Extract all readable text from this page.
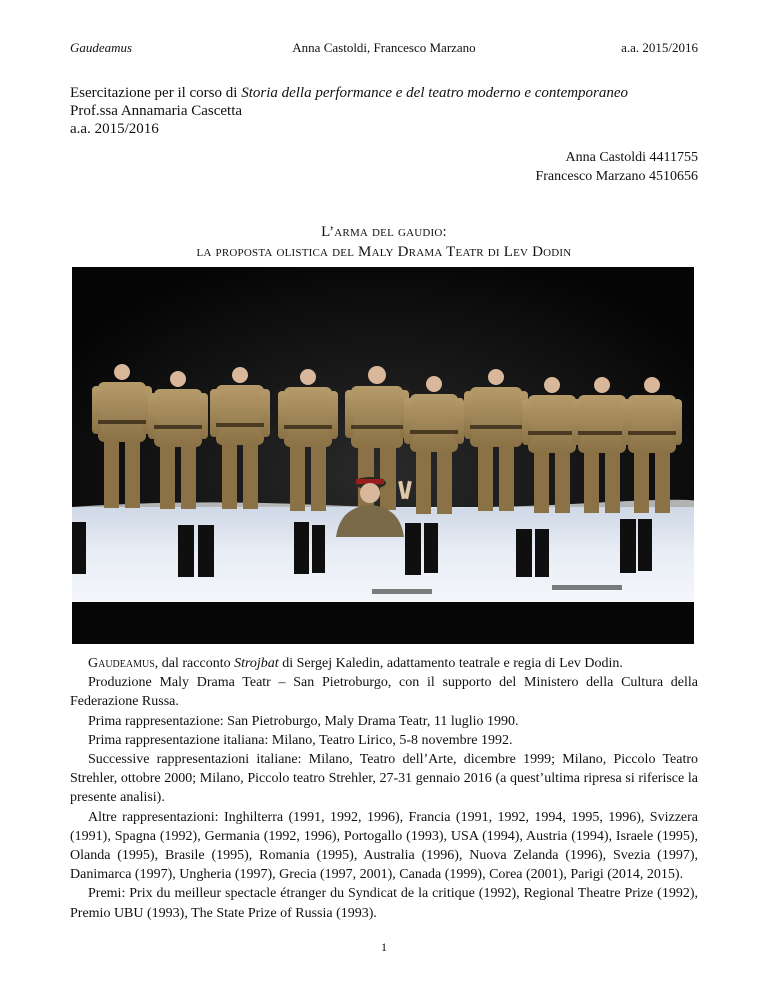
Gaudeamus	Anna Castoldi, Francesco Marzano	a.a. 2015/2016
Esercitazione per il corso di Storia della performance e del teatro moderno e contemporaneo
Prof.ssa Annamaria Cascetta
a.a. 2015/2016
Anna Castoldi 4411755
Francesco Marzano 4510656
L’arma del gaudio:
la proposta olistica del Maly Drama Teatr di Lev Dodin

Gaudeamus, dal racconto Strojbat di Sergej Kaledin, adattamento teatrale e regia di Lev Dodin.

Produzione Maly Drama Teatr – San Pietroburgo, con il supporto del Ministero della Cultura della Federazione Russa.

Prima rappresentazione: San Pietroburgo, Maly Drama Teatr, 11 luglio 1990.

Prima rappresentazione italiana: Milano, Teatro Lirico, 5-8 novembre 1992.

Successive rappresentazioni italiane: Milano, Teatro dell’Arte, dicembre 1999; Milano, Piccolo Teatro Strehler, ottobre 2000; Milano, Piccolo teatro Strehler, 27-31 gennaio 2016 (a quest’ultima ripresa si riferisce la presente analisi).

Altre rappresentazioni: Inghilterra (1991, 1992, 1996), Francia (1991, 1992, 1994, 1995, 1996), Svizzera (1991), Spagna (1992), Germania (1992, 1996), Portogallo (1993), USA (1994), Austria (1994), Israele (1995), Olanda (1995), Brasile (1995), Romania (1995), Australia (1996), Nuova Zelanda (1996), Svezia (1997), Danimarca (1997), Ungheria (1997), Grecia (1997, 2001), Canada (1999), Corea (2001), Parigi (2014, 2015).

Premi: Prix du meilleur spectacle étranger du Syndicat de la critique (1992), Regional Theatre Prize (1992), Premio UBU (1993), The State Prize of Russia (1993).

1
